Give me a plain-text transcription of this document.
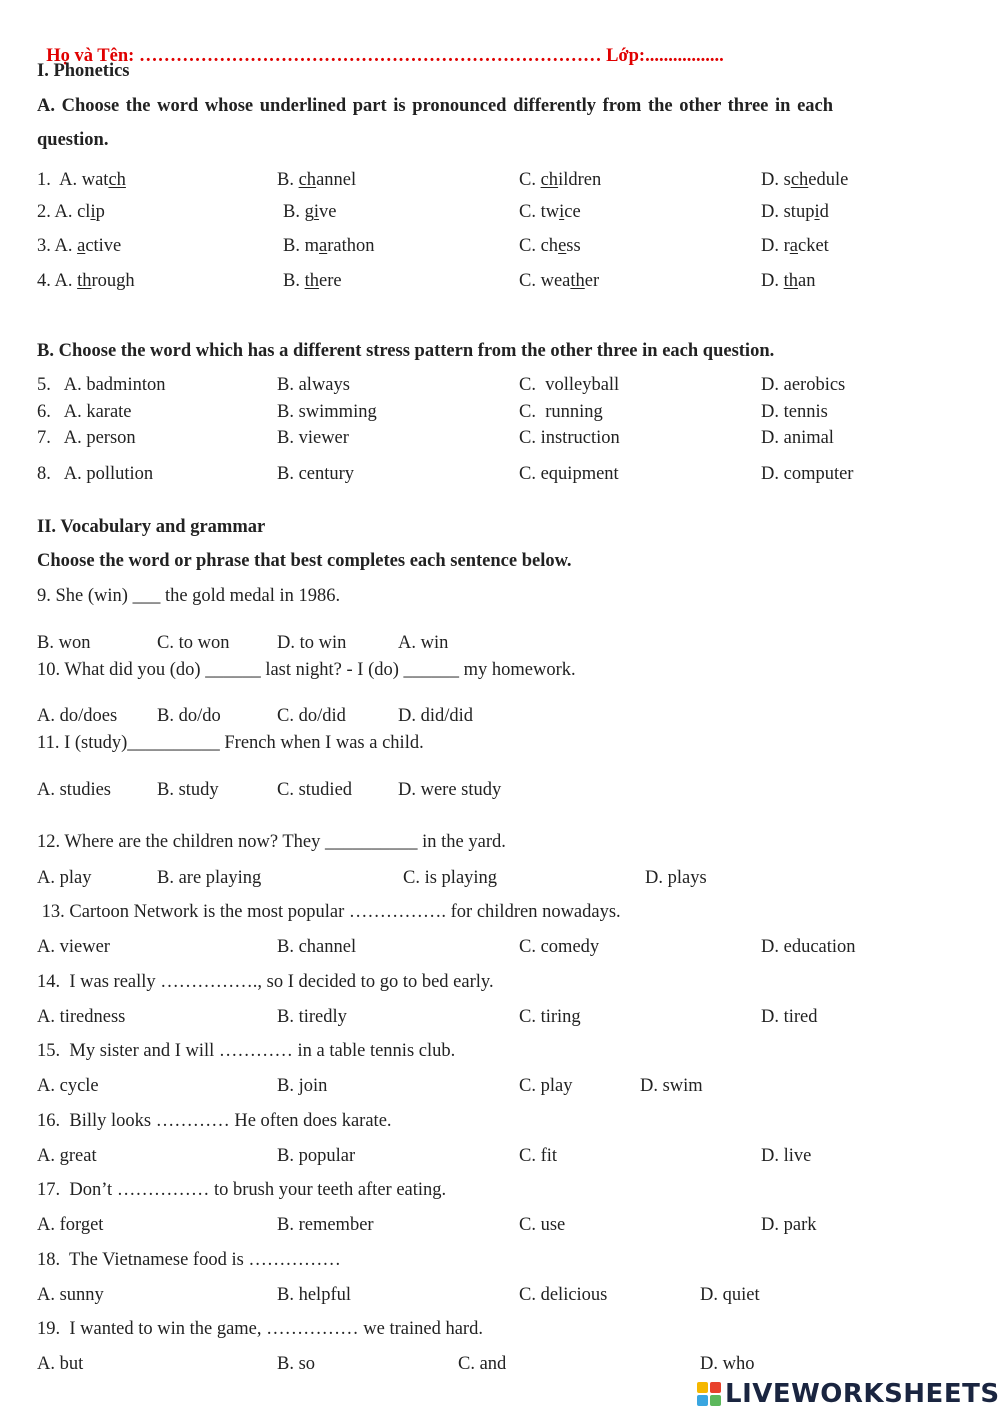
Họ và Tên: ………………………………………………………………… Lớp:.................

I. Phonetics
A. Choose the word whose underlined part is pronounced differently from the other three in each
question.
1.  A. watch	B. channel	C. children	D. schedule
2. A. clip	B. give	C. twice	D. stupid
3. A. active	B. marathon	C. chess	D. racket
4. A. through	B. there	C. weather	D. than
B. Choose the word which has a different stress pattern from the other three in each question.
5.   A. badminton	B. always	C.  volleyball	D. aerobics
6.   A. karate	B. swimming	C.  running	D. tennis
7.   A. person	B. viewer	C. instruction	D. animal
8.   A. pollution	B. century	C. equipment	D. computer
II. Vocabulary and grammar
Choose the word or phrase that best completes each sentence below.
9. She (win) ___ the gold medal in 1986.
B. won	C. to won	D. to win	A. win
10. What did you (do) ______ last night? - I (do) ______ my homework.
A. do/does B. do/do	C. do/did	D. did/did
11. I (study)__________ French when I was a child.
A. studies B. study	C. studied D. were study
12. Where are the children now? They __________ in the yard.
A. play	B. are playing	C. is playing	D. plays
13. Cartoon Network is the most popular ……………. for children nowadays.
A. viewer	B. channel	C. comedy	D. education
14.  I was really ……………., so I decided to go to bed early.
A. tiredness	B. tiredly	C. tiring	D. tired
15.  My sister and I will ………… in a table tennis club.
A. cycle	B. join	C. play	D. swim
16.  Billy looks ………… He often does karate.
A. great	B. popular	C. fit	D. live
17.  Don’t …………… to brush your teeth after eating.
A. forget	B. remember	C. use	D. park
18.  The Vietnamese food is ……………
A. sunny	B. helpful	C. delicious	D. quiet
19.  I wanted to win the game, …………… we trained hard.
A. but	B. so	C. and	D. who
LIVEWORKSHEETS
